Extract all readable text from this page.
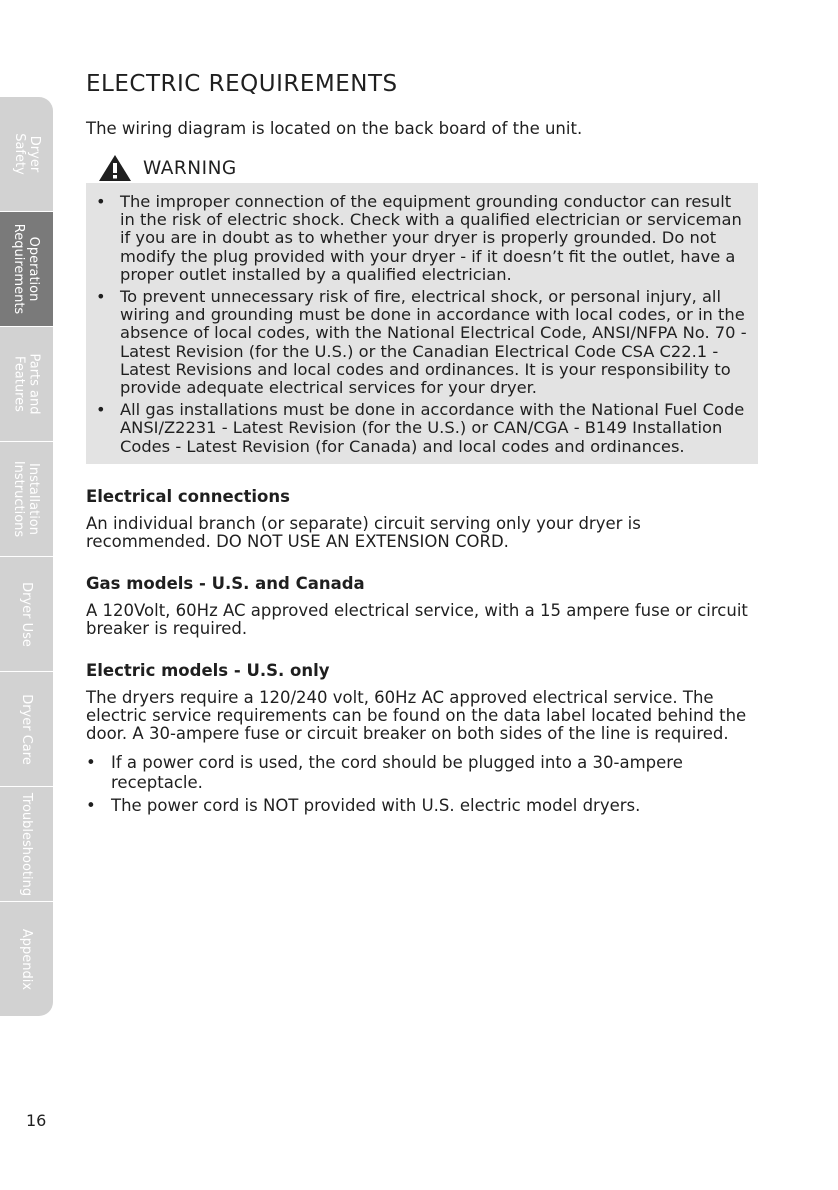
Dryer
Safety
Operation
Requirements
Parts and
Features
Installation
Instructions
Dryer Use
Dryer Care
Troubleshooting
Appendix
ELECTRIC REQUIREMENTS

The wiring diagram is located on the back board of the unit.

WARNING
• The improper connection of the equipment grounding conductor can result in the risk of electric shock. Check with a qualified electrician or serviceman if you are in doubt as to whether your dryer is properly grounded. Do not modify the plug provided with your dryer - if it doesn’t fit the outlet, have a proper outlet installed by a qualified electrician.
• To prevent unnecessary risk of fire, electrical shock, or personal injury, all wiring and grounding must be done in accordance with local codes, or in the absence of local codes, with the National Electrical Code, ANSI/NFPA No. 70 - Latest Revision (for the U.S.) or the Canadian Electrical Code CSA C22.1 - Latest Revisions and local codes and ordinances. It is your responsibility to provide adequate electrical services for your dryer.
• All gas installations must be done in accordance with the National Fuel Code ANSI/Z2231 - Latest Revision (for the U.S.) or CAN/CGA - B149 Installation Codes - Latest Revision (for Canada) and local codes and ordinances.
Electrical connections

An individual branch (or separate) circuit serving only your dryer is recommended. DO NOT USE AN EXTENSION CORD.

Gas models - U.S. and Canada

A 120Volt, 60Hz AC approved electrical service, with a 15 ampere fuse or circuit breaker is required.

Electric models - U.S. only

The dryers require a 120/240 volt, 60Hz AC approved electrical service. The electric service requirements can be found on the data label located behind the door. A 30-ampere fuse or circuit breaker on both sides of the line is required.

• If a power cord is used, the cord should be plugged into a 30-ampere receptacle.
• The power cord is NOT provided with U.S. electric model dryers.
16
